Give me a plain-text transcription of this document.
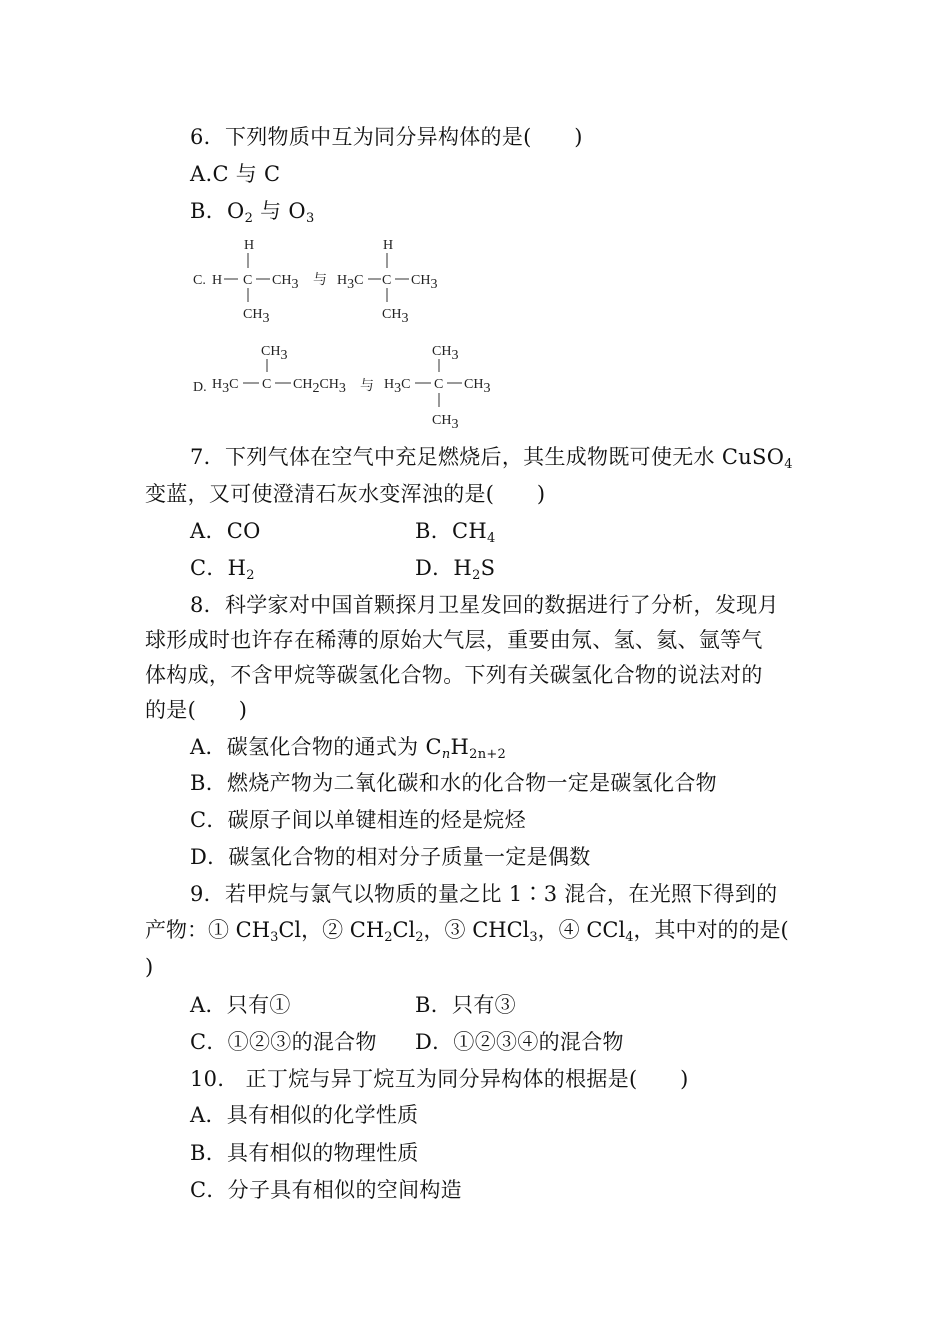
6．下列物质中互为同分异构体的是(　　)
A.C 与 C
B．$O_2$ 与 $O_3$
C. H
H
C CH3
CH3
与 H3C
H
C CH3
CH3
D. H3C
CH3
C CH2CH3 与 H3C
CH3
C CH3
CH3
7．下列气体在空气中充足燃烧后，其生成物既可使无水 CuSO$_4$
变蓝，又可使澄清石灰水变浑浊的是(　　)
A．CO	B．$CH_4$
C．$H_2$	D．$H_2S$
8．科学家对中国首颗探月卫星发回的数据进行了分析，发现月
球形成时也许存在稀薄的原始大气层，重要由氖、氢、氦、氩等气
体构成，不含甲烷等碳氢化合物。下列有关碳氢化合物的说法对的
的是(　　)
A．碳氢化合物的通式为 $C_nH_{2n+2}$
B．燃烧产物为二氧化碳和水的化合物一定是碳氢化合物
C．碳原子间以单键相连的烃是烷烃
D．碳氢化合物的相对分子质量一定是偶数
9．若甲烷与氯气以物质的量之比 1∶3 混合，在光照下得到的
产物：① $CH_3Cl$，② $CH_2Cl_2$，③ CHCl$_3$，④ CCl$_4$，其中对的的是(
)
A．只有①	B．只有③
C．①②③的混合物 D．①②③④的混合物
10． 正丁烷与异丁烷互为同分异构体的根据是(　　)
A．具有相似的化学性质
B．具有相似的物理性质
C．分子具有相似的空间构造
